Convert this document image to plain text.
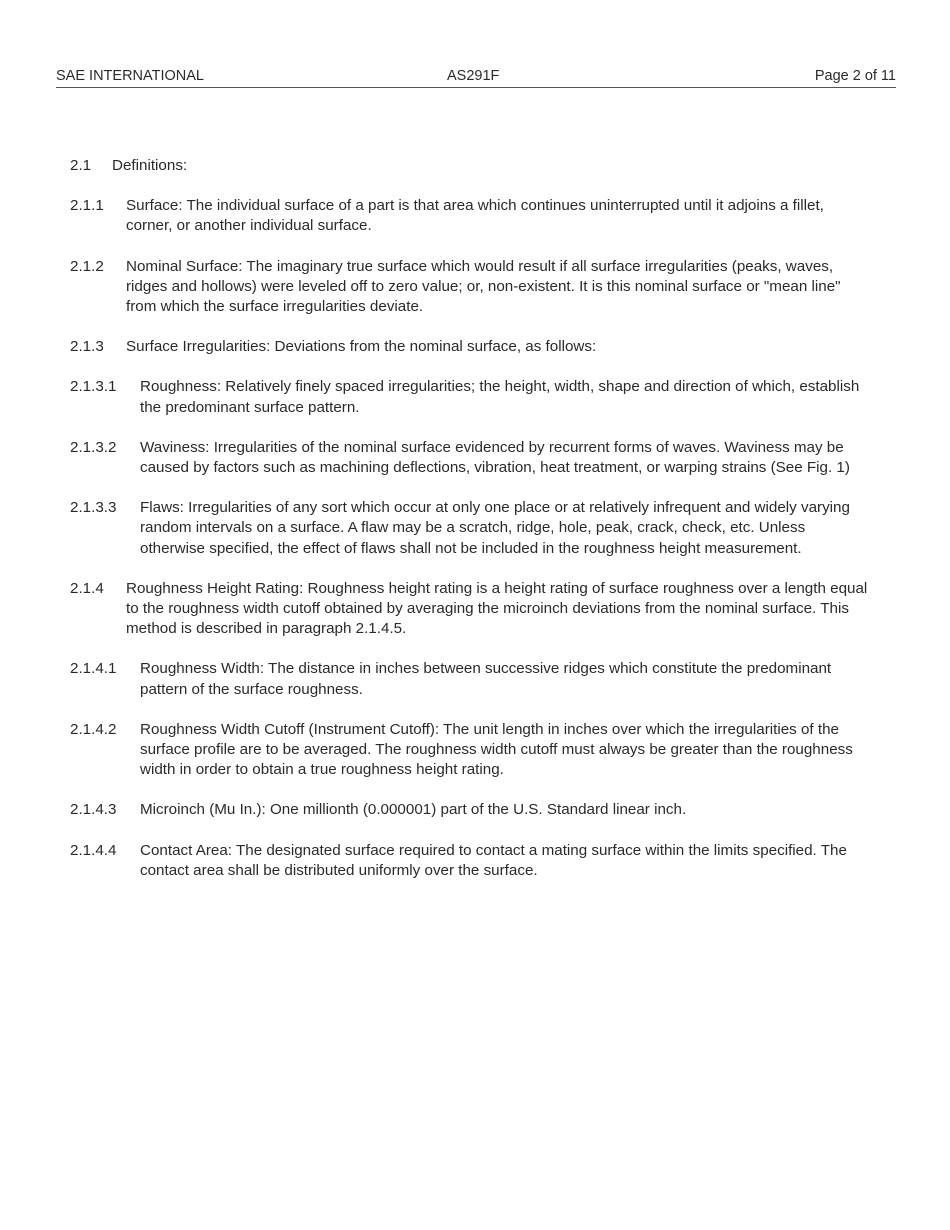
SAE INTERNATIONAL	AS291F	Page 2 of 11
2.1	Definitions:
2.1.1	Surface: The individual surface of a part is that area which continues uninterrupted until it adjoins a fillet, corner, or another individual surface.
2.1.2	Nominal Surface: The imaginary true surface which would result if all surface irregularities (peaks, waves, ridges and hollows) were leveled off to zero value; or, non-existent. It is this nominal surface or "mean line" from which the surface irregularities deviate.
2.1.3	Surface Irregularities: Deviations from the nominal surface, as follows:
2.1.3.1	Roughness: Relatively finely spaced irregularities; the height, width, shape and direction of which, establish the predominant surface pattern.
2.1.3.2	Waviness: Irregularities of the nominal surface evidenced by recurrent forms of waves. Waviness may be caused by factors such as machining deflections, vibration, heat treatment, or warping strains (See Fig. 1)
2.1.3.3	Flaws: Irregularities of any sort which occur at only one place or at relatively infrequent and widely varying random intervals on a surface. A flaw may be a scratch, ridge, hole, peak, crack, check, etc. Unless otherwise specified, the effect of flaws shall not be included in the roughness height measurement.
2.1.4	Roughness Height Rating: Roughness height rating is a height rating of surface roughness over a length equal to the roughness width cutoff obtained by averaging the microinch deviations from the nominal surface. This method is described in paragraph 2.1.4.5.
2.1.4.1	Roughness Width: The distance in inches between successive ridges which constitute the predominant pattern of the surface roughness.
2.1.4.2	Roughness Width Cutoff (Instrument Cutoff): The unit length in inches over which the irregularities of the surface profile are to be averaged. The roughness width cutoff must always be greater than the roughness width in order to obtain a true roughness height rating.
2.1.4.3	Microinch (Mu In.): One millionth (0.000001) part of the U.S. Standard linear inch.
2.1.4.4	Contact Area: The designated surface required to contact a mating surface within the limits specified. The contact area shall be distributed uniformly over the surface.
